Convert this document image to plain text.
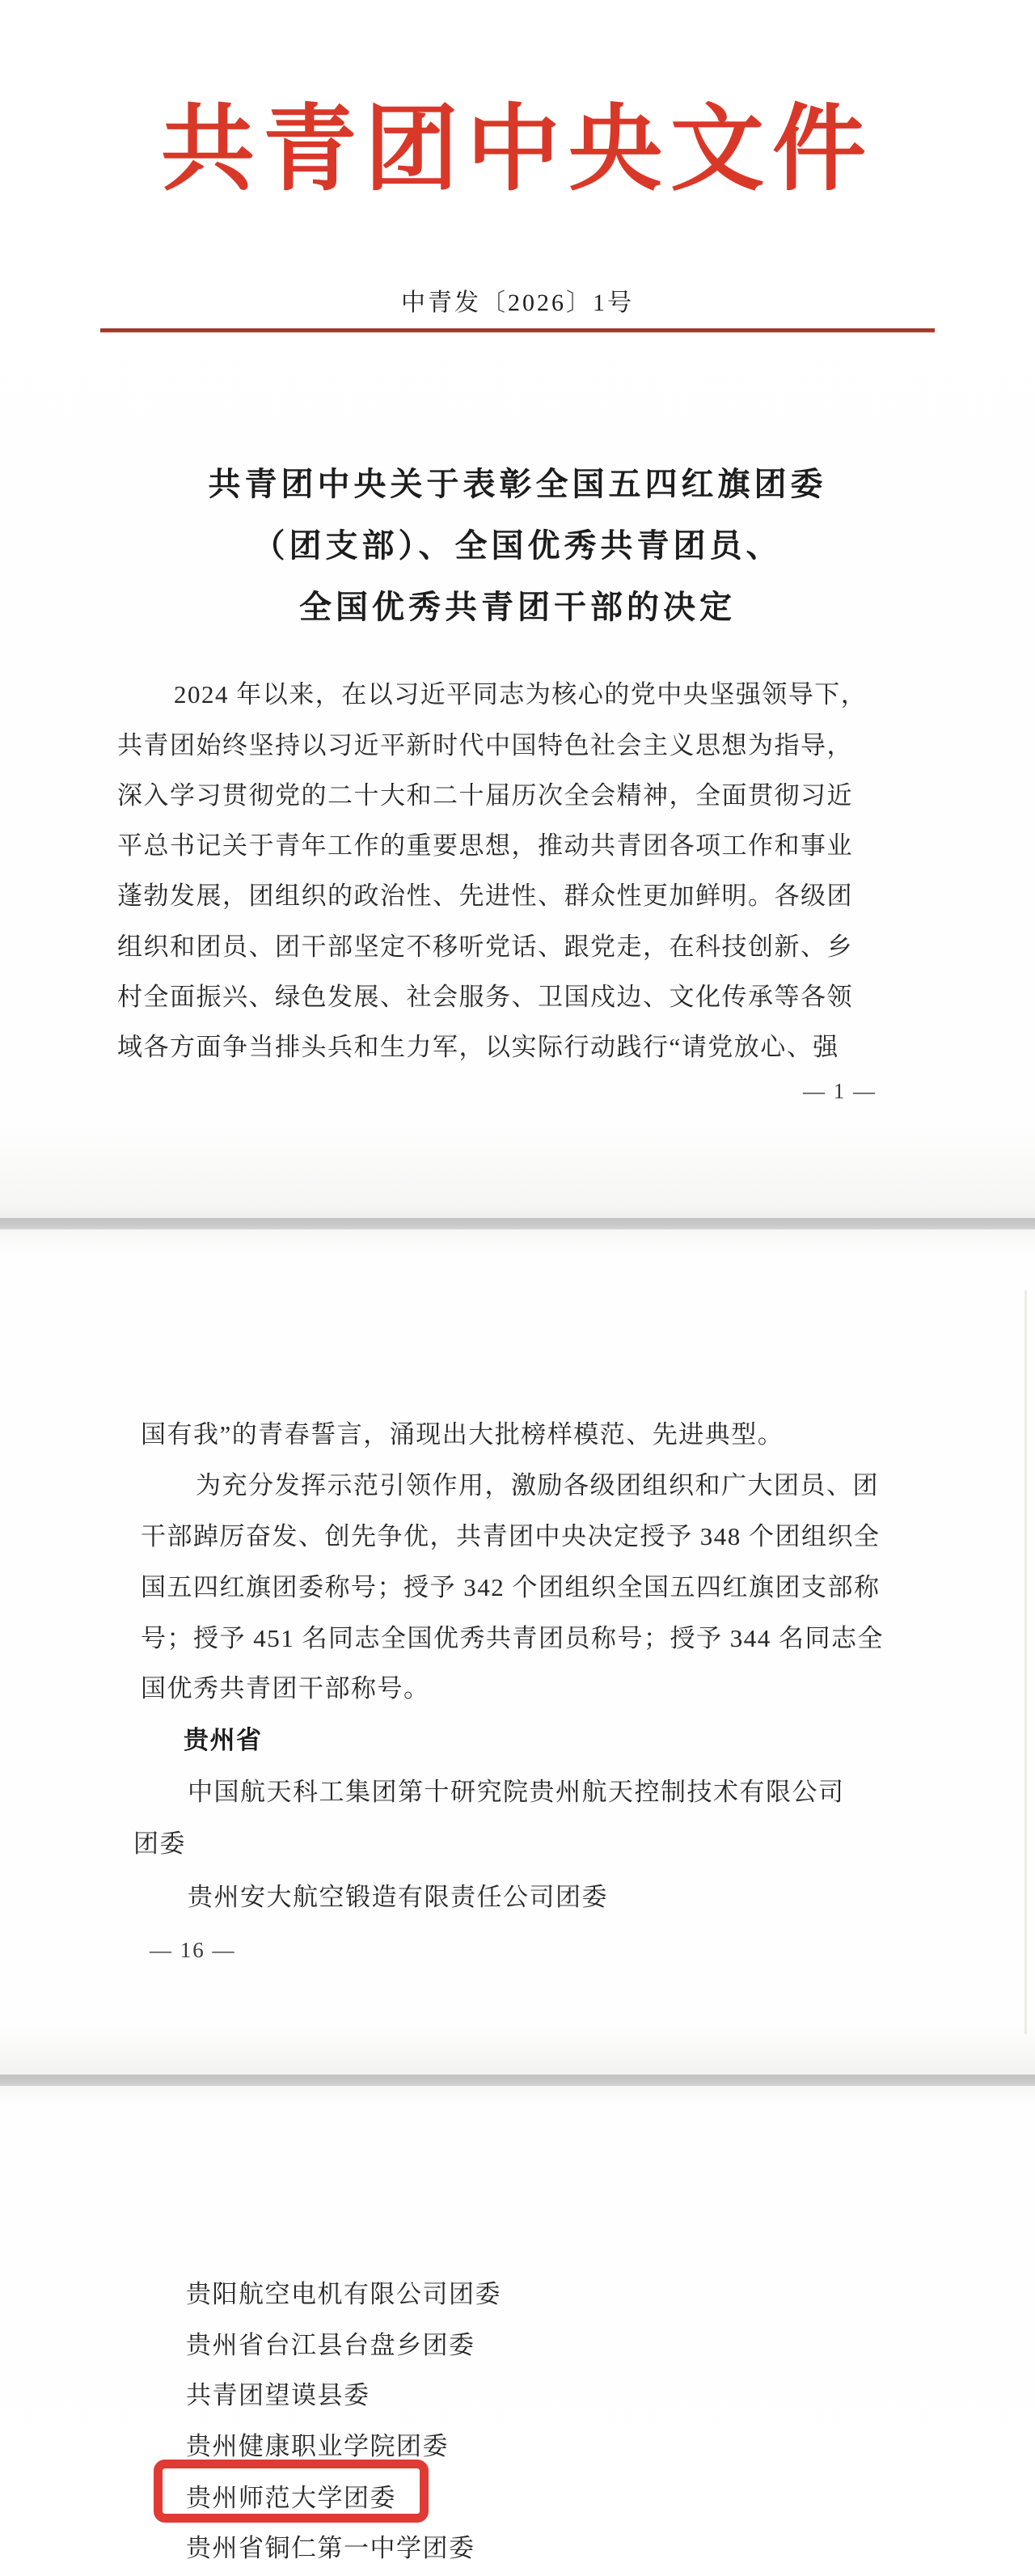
共青团中央文件
中青发〔2026〕1号
共青团中央关于表彰全国五四红旗团委
（团支部）、全国优秀共青团员、
全国优秀共青团干部的决定
2024 年以来，在以习近平同志为核心的党中央坚强领导下，
共青团始终坚持以习近平新时代中国特色社会主义思想为指导，
深入学习贯彻党的二十大和二十届历次全会精神，全面贯彻习近
平总书记关于青年工作的重要思想，推动共青团各项工作和事业
蓬勃发展，团组织的政治性、先进性、群众性更加鲜明。各级团
组织和团员、团干部坚定不移听党话、跟党走，在科技创新、乡
村全面振兴、绿色发展、社会服务、卫国戍边、文化传承等各领
域各方面争当排头兵和生力军，以实际行动践行“请党放心、强
— 1 —
国有我”的青春誓言，涌现出大批榜样模范、先进典型。
为充分发挥示范引领作用，激励各级团组织和广大团员、团
干部踔厉奋发、创先争优，共青团中央决定授予 348 个团组织全
国五四红旗团委称号；授予 342 个团组织全国五四红旗团支部称
号；授予 451 名同志全国优秀共青团员称号；授予 344 名同志全
国优秀共青团干部称号。
贵州省
中国航天科工集团第十研究院贵州航天控制技术有限公司
团委
贵州安大航空锻造有限责任公司团委
— 16 —
贵阳航空电机有限公司团委
贵州省台江县台盘乡团委
共青团望谟县委
贵州健康职业学院团委
贵州师范大学团委
贵州省铜仁第一中学团委
